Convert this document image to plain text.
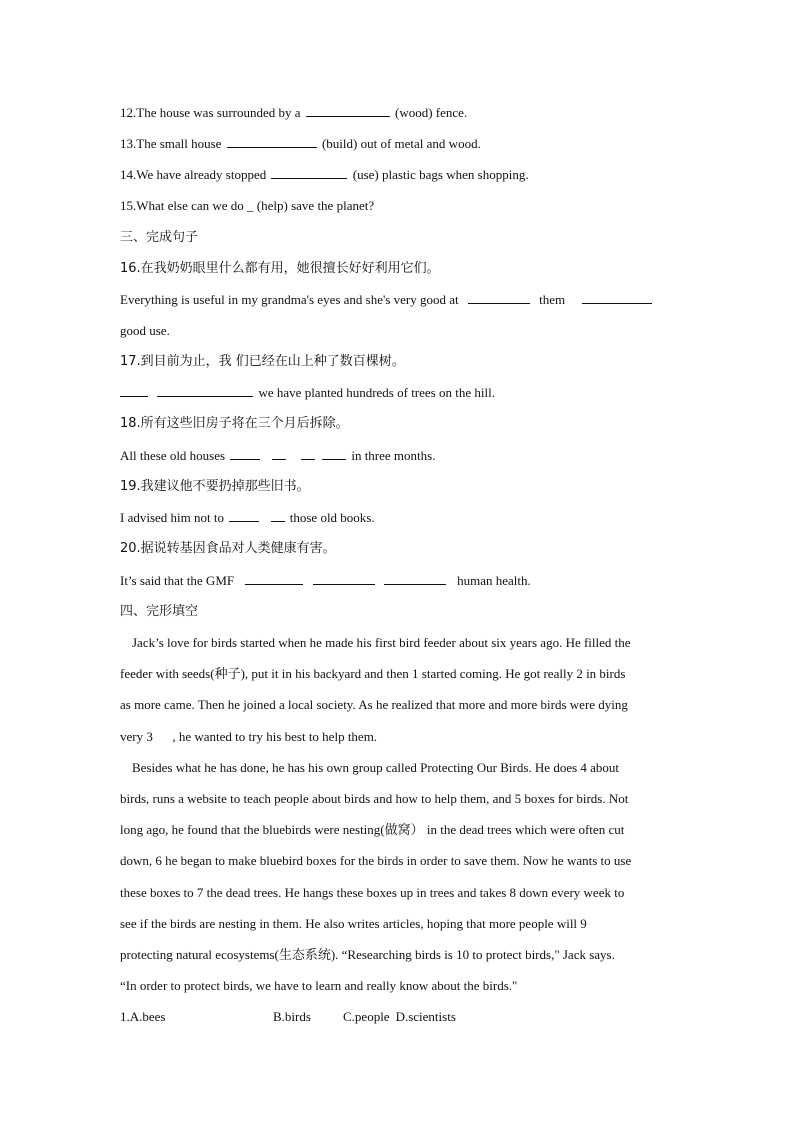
12.The house was surrounded by a	(wood) fence.
13.The small house	(build) out of metal and wood.
14.We have already stopped	(use) plastic bags when shopping.
15.What else can we do _ (help) save the planet?
三、完成句子
16.在我奶奶眼里什么都有用，她很擅长好好利用它们。
Everything is useful in my grandma's eyes and she's very good at	them
good use.
17.到目前为止，我 们已经在山上种了数百棵树。
we have planted hundreds of trees on the hill.
18.所有这些旧房子将在三个月后拆除。
All these old houses	in three months.
19.我建议他不要扔掉那些旧书。
I advised him not to	those old books.
20.据说转基因食品对人类健康有害。
It’s said that the GMF	human health.
四、完形填空
Jack’s love for birds started when he made his first bird feeder about six years ago. He filled the
feeder with seeds(种子), put it in his backyard and then 1 started coming. He got really 2 in birds
as more came. Then he joined a local society. As he realized that more and more birds were dying
very 3      , he wanted to try his best to help them.
Besides what he has done, he has his own group called Protecting Our Birds. He does 4 about
birds, runs a website to teach people about birds and how to help them, and 5 boxes for birds. Not
long ago, he found that the bluebirds were nesting(做窝） in the dead trees which were often cut
down, 6 he began to make bluebird boxes for the birds in order to save them. Now he wants to use
these boxes to 7 the dead trees. He hangs these boxes up in trees and takes 8 down every week to
see if the birds are nesting in them. He also writes articles, hoping that more people will 9
protecting natural ecosystems(生态系统). “Researching birds is 10 to protect birds," Jack says.
“In order to protect birds, we have to learn and really know about the birds."
1.A.bees	B.birds C.people D.scientists
